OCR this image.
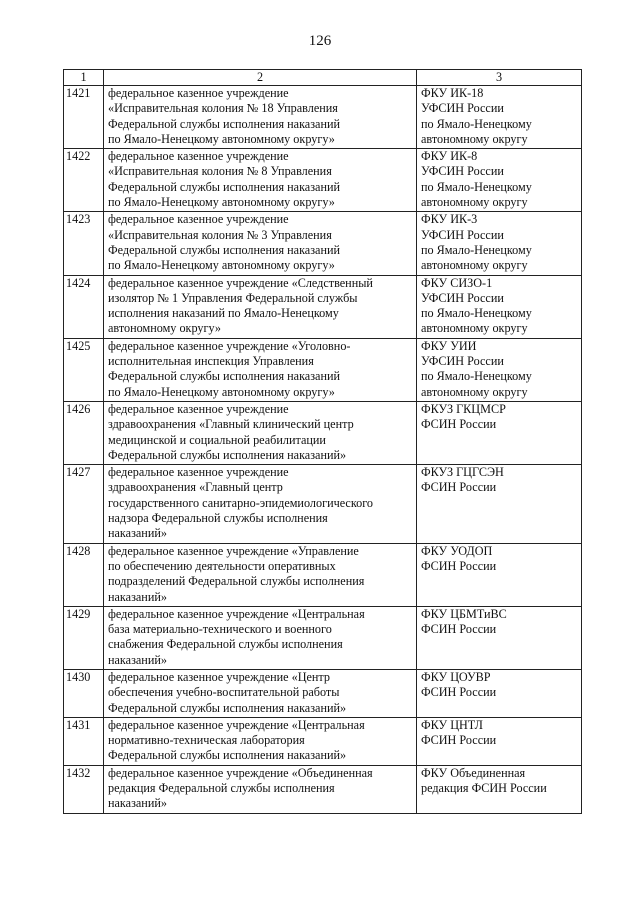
126
1	2	3
1421	федеральное казенное учреждение
«Исправительная колония № 18 Управления
Федеральной службы исполнения наказаний
по Ямало-Ненецкому автономному округу»	ФКУ ИК-18
УФСИН России
по Ямало-Ненецкому
автономному округу
1422	федеральное казенное учреждение
«Исправительная колония № 8 Управления
Федеральной службы исполнения наказаний
по Ямало-Ненецкому автономному округу»	ФКУ ИК-8
УФСИН России
по Ямало-Ненецкому
автономному округу
1423	федеральное казенное учреждение
«Исправительная колония № 3 Управления
Федеральной службы исполнения наказаний
по Ямало-Ненецкому автономному округу»	ФКУ ИК-3
УФСИН России
по Ямало-Ненецкому
автономному округу
1424	федеральное казенное учреждение «Следственный
изолятор № 1 Управления Федеральной службы
исполнения наказаний по Ямало-Ненецкому
автономному округу»	ФКУ СИЗО-1
УФСИН России
по Ямало-Ненецкому
автономному округу
1425	федеральное казенное учреждение «Уголовно-
исполнительная инспекция Управления
Федеральной службы исполнения наказаний
по Ямало-Ненецкому автономному округу»	ФКУ УИИ
УФСИН России
по Ямало-Ненецкому
автономному округу
1426	федеральное казенное учреждение
здравоохранения «Главный клинический центр
медицинской и социальной реабилитации
Федеральной службы исполнения наказаний»	ФКУЗ ГКЦМСР
ФСИН России
1427	федеральное казенное учреждение
здравоохранения «Главный центр
государственного санитарно-эпидемиологического
надзора Федеральной службы исполнения
наказаний»	ФКУЗ ГЦГСЭН
ФСИН России
1428	федеральное казенное учреждение «Управление
по обеспечению деятельности оперативных
подразделений Федеральной службы исполнения
наказаний»	ФКУ УОДОП
ФСИН России
1429	федеральное казенное учреждение «Центральная
база материально-технического и военного
снабжения Федеральной службы исполнения
наказаний»	ФКУ ЦБМТиВС
ФСИН России
1430	федеральное казенное учреждение «Центр
обеспечения учебно-воспитательной работы
Федеральной службы исполнения наказаний»	ФКУ ЦОУВР
ФСИН России
1431	федеральное казенное учреждение «Центральная
нормативно-техническая лаборатория
Федеральной службы исполнения наказаний»	ФКУ ЦНТЛ
ФСИН России
1432	федеральное казенное учреждение «Объединенная
редакция Федеральной службы исполнения
наказаний»	ФКУ Объединенная
редакция ФСИН России
